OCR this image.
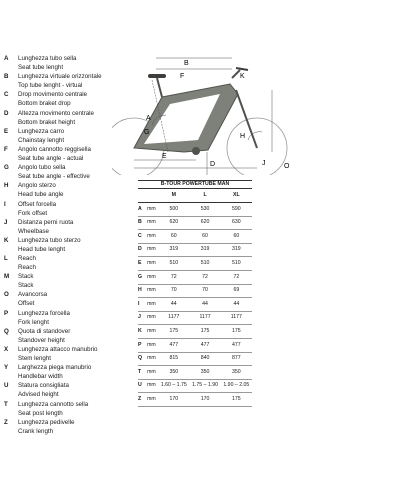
A Lunghezza tubo sella
Seat tube lenght
B Lunghezza virtuale orizzontale
Top tube lenght - virtual
C Drop movimento centrale
Bottom braket drop
D Altezza movimento centrale
Bottom braket height
E Lunghezza carro
Chainstay lenght
F Angolo cannotto reggisella
Seat tube angle - actual
G Angolo tubo sella
Seat tube angle - effective
H Angolo sterzo
Head tube angle
I Offset forcella
Fork offset
J Distanza perni ruota
Wheelbase
K Lunghezza tubo sterzo
Head tube lenght
L Reach
Reach
M Stack
Stack
O Avancorsa
Offset
P Lunghezza forcella
Fork lenght
Q Quota di standover
Standover height
X Lunghezza attacco manubrio
Stem lenght
Y Larghezza piega manubrio
Handlebar width
U Statura consigliata
Advised height
T Lunghezza cannotto sella
Seat post length
Z Lunghezza pedivelle
Crank length
B
K
F
A
G
H
E
D	J	O
B-TOUR POWERTUBE MAN				
		M	L	XL
A	mm	500	530	590
B	mm	620	620	630
C	mm	60	60	60
D	mm	319	319	319
E	mm	510	510	510
G	mm	72	72	72
H	mm	70	70	69
I	mm	44	44	44
J	mm	1177	1177	1177
K	mm	175	175	175
P	mm	477	477	477
Q	mm	815	840	877
T	mm	350	350	350
U	mm	1.60 – 1.75	1.75 – 1.90	1.90 – 2.05
Z	mm	170	170	175
